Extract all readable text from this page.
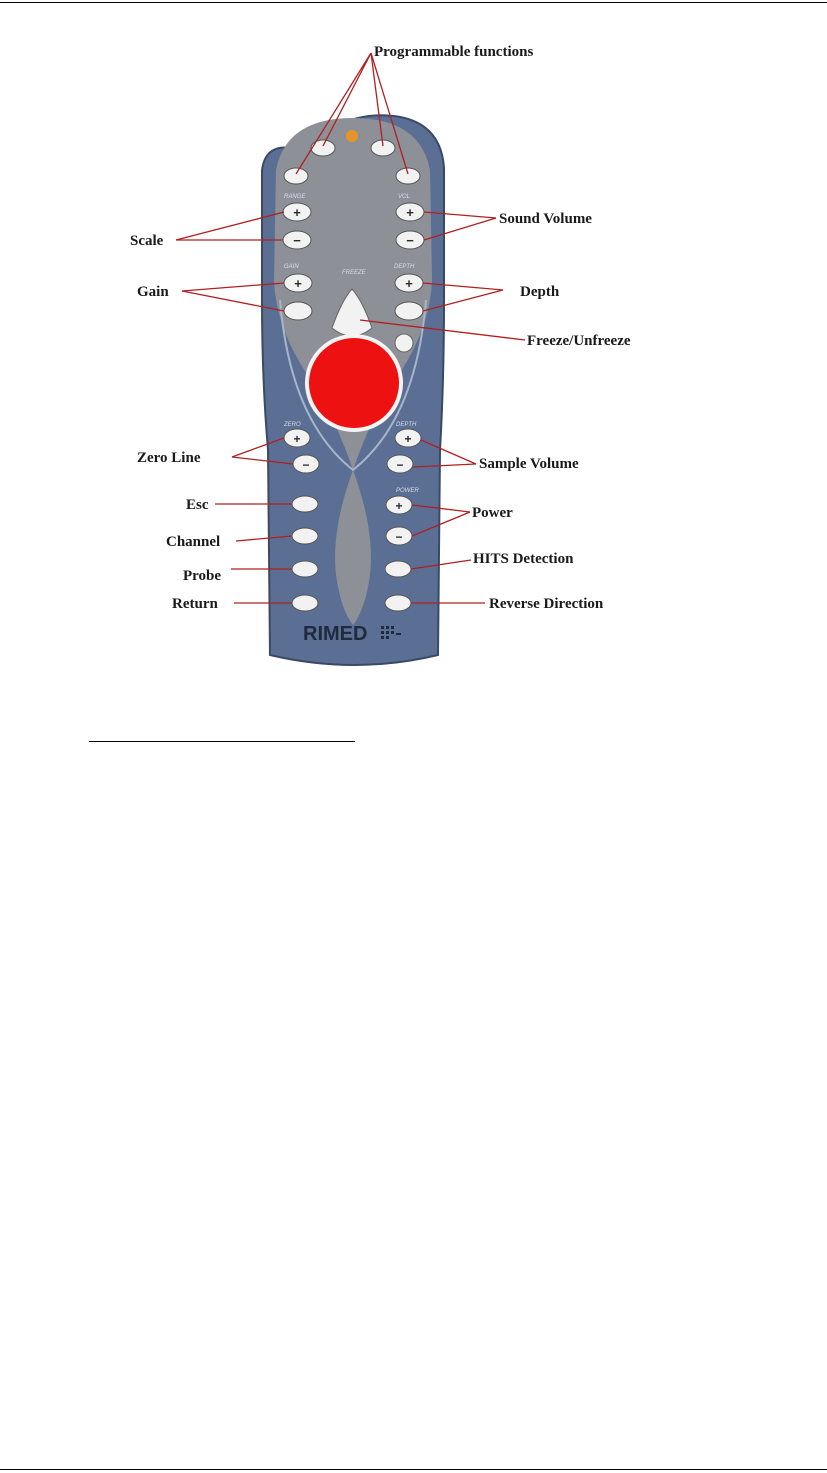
RANGE	VOL
GAIN	DEPTH
FREEZE
ZERO	DEPTH
POWER
+
−
+
−
+	+
+
−
+
−
+
−
RIMED
Programmable functions
Scale
Sound Volume
Gain	Depth
Freeze/Unfreeze
Zero Line	Sample Volume
Esc	Power
Channel
HITS Detection
Probe
Return	Reverse Direction
